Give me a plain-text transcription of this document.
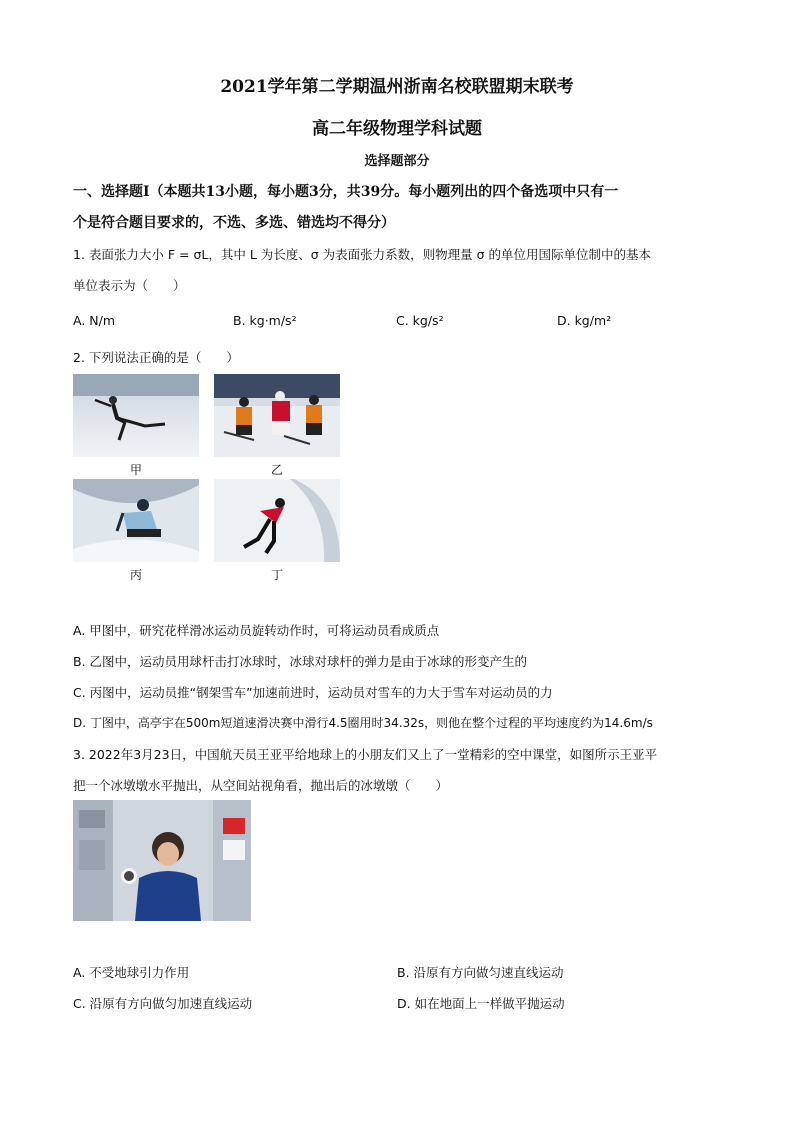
2021学年第二学期温州浙南名校联盟期末联考
高二年级物理学科试题
选择题部分
一、选择题Ⅰ（本题共13小题，每小题3分，共39分。每小题列出的四个备选项中只有一
个是符合题目要求的，不选、多选、错选均不得分）
1. 表面张力大小 F = σL，其中 L 为长度、σ 为表面张力系数，则物理量 σ 的单位用国际单位制中的基本
单位表示为（　　）
A. N/m	B. kg·m/s²	C. kg/s²	D. kg/m²
2. 下列说法正确的是（　　）
甲	乙
丙	丁
A. 甲图中，研究花样滑冰运动员旋转动作时，可将运动员看成质点
B. 乙图中，运动员用球杆击打冰球时，冰球对球杆的弹力是由于冰球的形变产生的
C. 丙图中，运动员推“钢架雪车”加速前进时，运动员对雪车的力大于雪车对运动员的力
D. 丁图中，高亭宇在500m短道速滑决赛中滑行4.5圈用时34.32s，则他在整个过程的平均速度约为14.6m/s
3. 2022年3月23日，中国航天员王亚平给地球上的小朋友们又上了一堂精彩的空中课堂，如图所示王亚平
把一个冰墩墩水平抛出，从空间站视角看，抛出后的冰墩墩（　　）
A. 不受地球引力作用	B. 沿原有方向做匀速直线运动
C. 沿原有方向做匀加速直线运动	D. 如在地面上一样做平抛运动
